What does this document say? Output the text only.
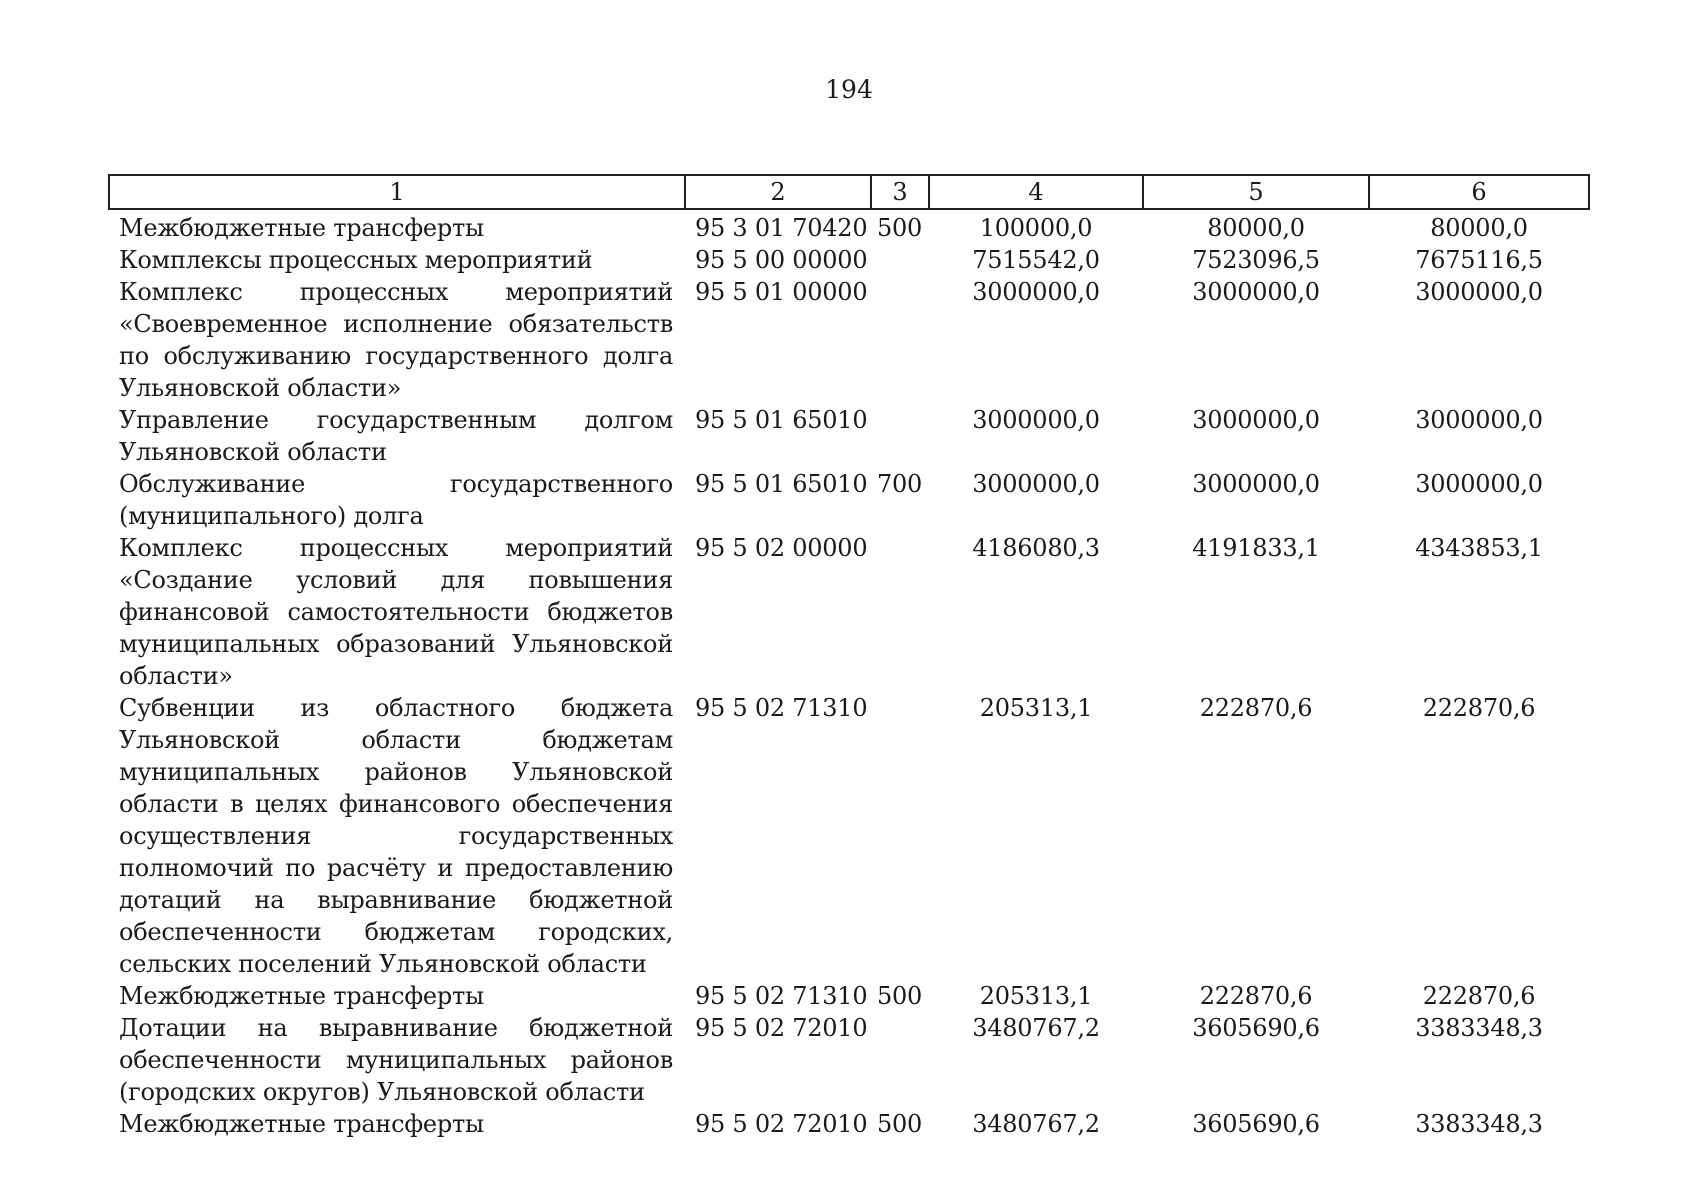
194
1	2	3	4	5	6
Межбюджетные трансферты	95 3 01 70420	500	100000,0	80000,0	80000,0
Комплексы процессных мероприятий	95 5 00 00000		7515542,0	7523096,5	7675116,5
Комплекс процессных мероприятий «Своевременное исполнение обязательств по обслуживанию государственного долга Ульяновской области»	95 5 01 00000		3000000,0	3000000,0	3000000,0
Управление государственным долгом Ульяновской области	95 5 01 65010		3000000,0	3000000,0	3000000,0
Обслуживание государственного (муниципального) долга	95 5 01 65010	700	3000000,0	3000000,0	3000000,0
Комплекс процессных мероприятий «Создание условий для повышения финансовой самостоятельности бюджетов муниципальных образований Ульяновской области»	95 5 02 00000		4186080,3	4191833,1	4343853,1
Субвенции из областного бюджета Ульяновской области бюджетам муниципальных районов Ульяновской области в целях финансового обеспечения осуществления государственных полномочий по расчёту и предоставлению дотаций на выравнивание бюджетной обеспеченности бюджетам городских, сельских поселений Ульяновской области	95 5 02 71310		205313,1	222870,6	222870,6
Межбюджетные трансферты	95 5 02 71310	500	205313,1	222870,6	222870,6
Дотации на выравнивание бюджетной обеспеченности муниципальных районов (городских округов) Ульяновской области	95 5 02 72010		3480767,2	3605690,6	3383348,3
Межбюджетные трансферты	95 5 02 72010	500	3480767,2	3605690,6	3383348,3
